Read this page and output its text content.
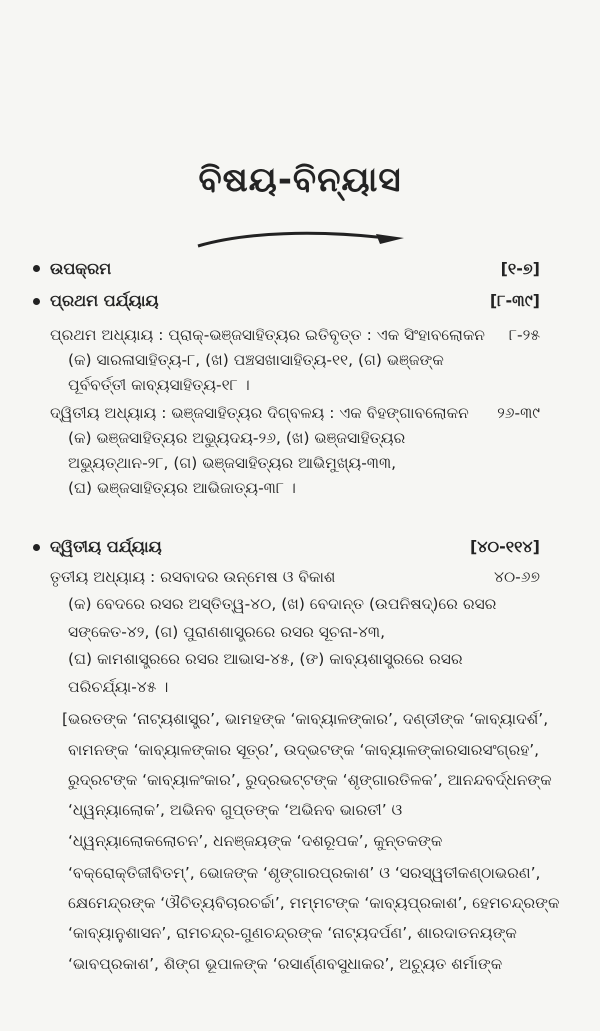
ବିଷୟ-ବିନ୍ୟାସ
ଉପକ୍ରମ	[୧-୭]
ପ୍ରଥମ ପର୍ଯ୍ୟାୟ	[୮-୩୯]
ପ୍ରଥମ ଅଧ୍ୟାୟ : ପ୍ରାକ୍-ଭଞ୍ଜସାହିତ୍ୟର ଇତିବୃତ୍ତ : ଏକ ସିଂହାବଲୋକନ ୮-୨୫
(କ) ସାରଳାସାହିତ୍ୟ-୮, (ଖ) ପଞ୍ଚସଖାସାହିତ୍ୟ-୧୧, (ଗ) ଭଞ୍ଜଙ୍କ
ପୂର୍ବବର୍ତ୍ତୀ କାବ୍ୟସାହିତ୍ୟ-୧୮ ।
ଦ୍ୱିତୀୟ ଅଧ୍ୟାୟ : ଭଞ୍ଜସାହିତ୍ୟର ଦିଗ୍‌ବଳୟ : ଏକ ବିହଙ୍ଗାବଲୋକନ ୨୬-୩୯
(କ) ଭଞ୍ଜସାହିତ୍ୟର ଅଭ୍ୟୁଦୟ-୨୬, (ଖ) ଭଞ୍ଜସାହିତ୍ୟର
ଅଭ୍ୟୁତ୍‌ଥାନ-୨୮, (ଗ) ଭଞ୍ଜସାହିତ୍ୟର ଆଭିମୁଖ୍ୟ-୩୩,
(ଘ) ଭଞ୍ଜସାହିତ୍ୟର ଆଭିଜାତ୍ୟ-୩୮ ।
ଦ୍ୱିତୀୟ ପର୍ଯ୍ୟାୟ	[୪୦-୧୧୪]
ତୃତୀୟ ଅଧ୍ୟାୟ : ରସବାଦର ଉନ୍ମେଷ ଓ ବିକାଶ	୪୦-୬୭
(କ) ବେଦରେ ରସର ଅସ୍ତିତ୍ୱ-୪୦, (ଖ) ବେଦାନ୍ତ (ଉପନିଷଦ୍)ରେ ରସର
ସଙ୍କେତ-୪୨, (ଗ) ପୁରାଣଶାସ୍ତ୍ରରେ ରସର ସୂଚନା-୪୩,
(ଘ) କାମଶାସ୍ତ୍ରରେ ରସର ଆଭାସ-୪୫, (ଙ) କାବ୍ୟଶାସ୍ତ୍ରରେ ରସର
ପରିଚର୍ଯ୍ୟା-୪୫ ।
[ଭରତଙ୍କ ‘ନାଟ୍ୟଶାସ୍ତ୍ର’, ଭାମହଙ୍କ ‘କାବ୍ୟାଳଙ୍କାର’, ଦଣ୍ଡୀଙ୍କ ‘କାବ୍ୟାଦର୍ଶ’,
ବାମନଙ୍କ ‘କାବ୍ୟାଳଙ୍କାର ସୂତ୍ର’, ଉଦ୍‌ଭଟଙ୍କ ‘କାବ୍ୟାଳଙ୍କାରସାରସଂଗ୍ରହ’,
ରୁଦ୍ରଟଙ୍କ ‘କାବ୍ୟାଳଂକାର’, ରୁଦ୍ରଭଟ୍ଟଙ୍କ ‘ଶୃଙ୍ଗାରତିଳକ’, ଆନନ୍ଦବର୍ଦ୍ଧନଙ୍କ
‘ଧ୍ୱନ୍ୟାଲୋକ’, ଅଭିନବ ଗୁପ୍ତଙ୍କ ‘ଅଭିନବ ଭାରତୀ’ ଓ
‘ଧ୍ୱନ୍ୟାଲୋକଲୋଚନ’, ଧନଞ୍ଜୟଙ୍କ ‘ଦଶରୂପକ’, କୁନ୍ତକଙ୍କ
‘ବକ୍ରୋକ୍ତିଜୀବିତମ୍’, ଭୋଜଙ୍କ ‘ଶୃଙ୍ଗାରପ୍ରକାଶ’ ଓ ‘ସରସ୍ୱତୀକଣ୍ଠାଭରଣ’,
କ୍ଷେମେନ୍ଦ୍ରଙ୍କ ‘ଔଚିତ୍ୟବିଚାରଚର୍ଚ୍ଚା’, ମମ୍ମଟଙ୍କ ‘କାବ୍ୟପ୍ରକାଶ’, ହେମଚନ୍ଦ୍ରଙ୍କ
‘କାବ୍ୟାନୁଶାସନ’, ରାମଚନ୍ଦ୍ର-ଗୁଣଚନ୍ଦ୍ରଙ୍କ ‘ନାଟ୍ୟଦର୍ପଣ’, ଶାରଦାତନୟଙ୍କ
‘ଭାବପ୍ରକାଶ’, ଶିଙ୍ଗ ଭୂପାଳଙ୍କ ‘ରସାର୍ଣ୍ଣବସୁଧାକର’, ଅଚ୍ୟୁତ ଶର୍ମାଙ୍କ
